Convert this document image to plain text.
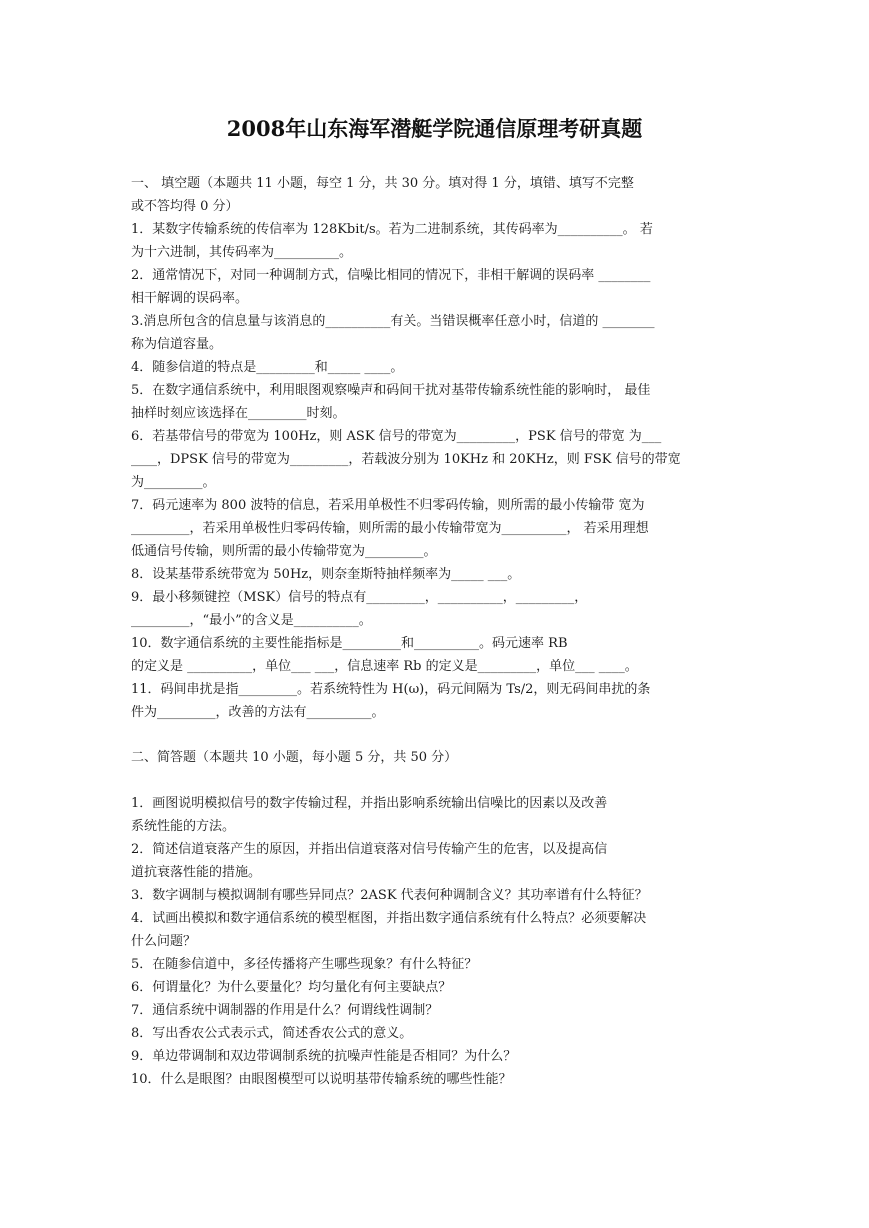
2008年山东海军潜艇学院通信原理考研真题
一、 填空题（本题共 11 小题，每空 1 分，共 30 分。填对得 1 分，填错、填写不完整
或不答均得 0 分）
1．某数字传输系统的传信率为 128Kbit/s。若为二进制系统，其传码率为__________。 若
为十六进制，其传码率为__________。
2．通常情况下，对同一种调制方式，信噪比相同的情况下，非相干解调的误码率 ________
相干解调的误码率。
3.消息所包含的信息量与该消息的__________有关。当错误概率任意小时，信道的 ________
称为信道容量。
4．随参信道的特点是_________和_____ ____。
5．在数字通信系统中，利用眼图观察噪声和码间干扰对基带传输系统性能的影响时， 最佳
抽样时刻应该选择在_________时刻。
6．若基带信号的带宽为 100Hz，则 ASK 信号的带宽为_________，PSK 信号的带宽 为___
____，DPSK 信号的带宽为_________，若载波分别为 10KHz 和 20KHz，则 FSK 信号的带宽
为_________。
7．码元速率为 800 波特的信息，若采用单极性不归零码传输，则所需的最小传输带 宽为
_________，若采用单极性归零码传输，则所需的最小传输带宽为__________， 若采用理想
低通信号传输，则所需的最小传输带宽为_________。
8．设某基带系统带宽为 50Hz，则奈奎斯特抽样频率为_____ ___。
9．最小移频键控（MSK）信号的特点有_________，__________，_________，
_________，“最小”的含义是__________。
10．数字通信系统的主要性能指标是_________和__________。码元速率 RB
的定义是 __________，单位___ ___，信息速率 Rb 的定义是_________，单位___ ____。
11．码间串扰是指_________。若系统特性为 H(ω)，码元间隔为 Ts/2，则无码间串扰的条
件为_________，改善的方法有__________。
二、简答题（本题共 10 小题，每小题 5 分，共 50 分）
1．画图说明模拟信号的数字传输过程，并指出影响系统输出信噪比的因素以及改善
系统性能的方法。
2．简述信道衰落产生的原因，并指出信道衰落对信号传输产生的危害，以及提高信
道抗衰落性能的措施。
3．数字调制与模拟调制有哪些异同点？2ASK 代表何种调制含义？其功率谱有什么特征？
4．试画出模拟和数字通信系统的模型框图，并指出数字通信系统有什么特点？必须要解决
什么问题？
5．在随参信道中，多径传播将产生哪些现象？有什么特征？
6．何谓量化？为什么要量化？均匀量化有何主要缺点？
7．通信系统中调制器的作用是什么？何谓线性调制？
8．写出香农公式表示式，简述香农公式的意义。
9．单边带调制和双边带调制系统的抗噪声性能是否相同？为什么？
10．什么是眼图？由眼图模型可以说明基带传输系统的哪些性能？
